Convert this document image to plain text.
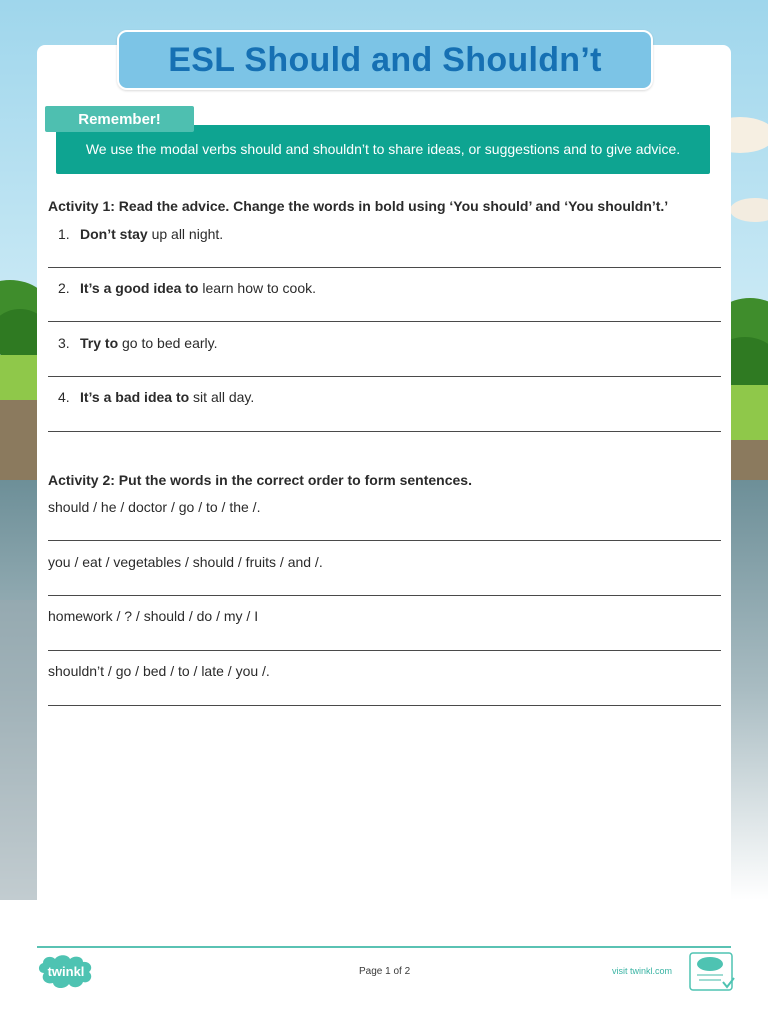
ESL Should and Shouldn’t
Remember!
We use the modal verbs should and shouldn’t to share ideas, or suggestions and to give advice.
Activity 1: Read the advice. Change the words in bold using ‘You should’ and ‘You shouldn’t.’
1. Don’t stay up all night.
2. It’s a good idea to learn how to cook.
3. Try to go to bed early.
4. It’s a bad idea to sit all day.
Activity 2: Put the words in the correct order to form sentences.
should / he / doctor / go / to / the /.
you / eat / vegetables / should / fruits / and /.
homework / ? / should / do / my / I
shouldn’t / go / bed / to / late / you /.
twinkl	Page 1 of 2	visit twinkl.com
